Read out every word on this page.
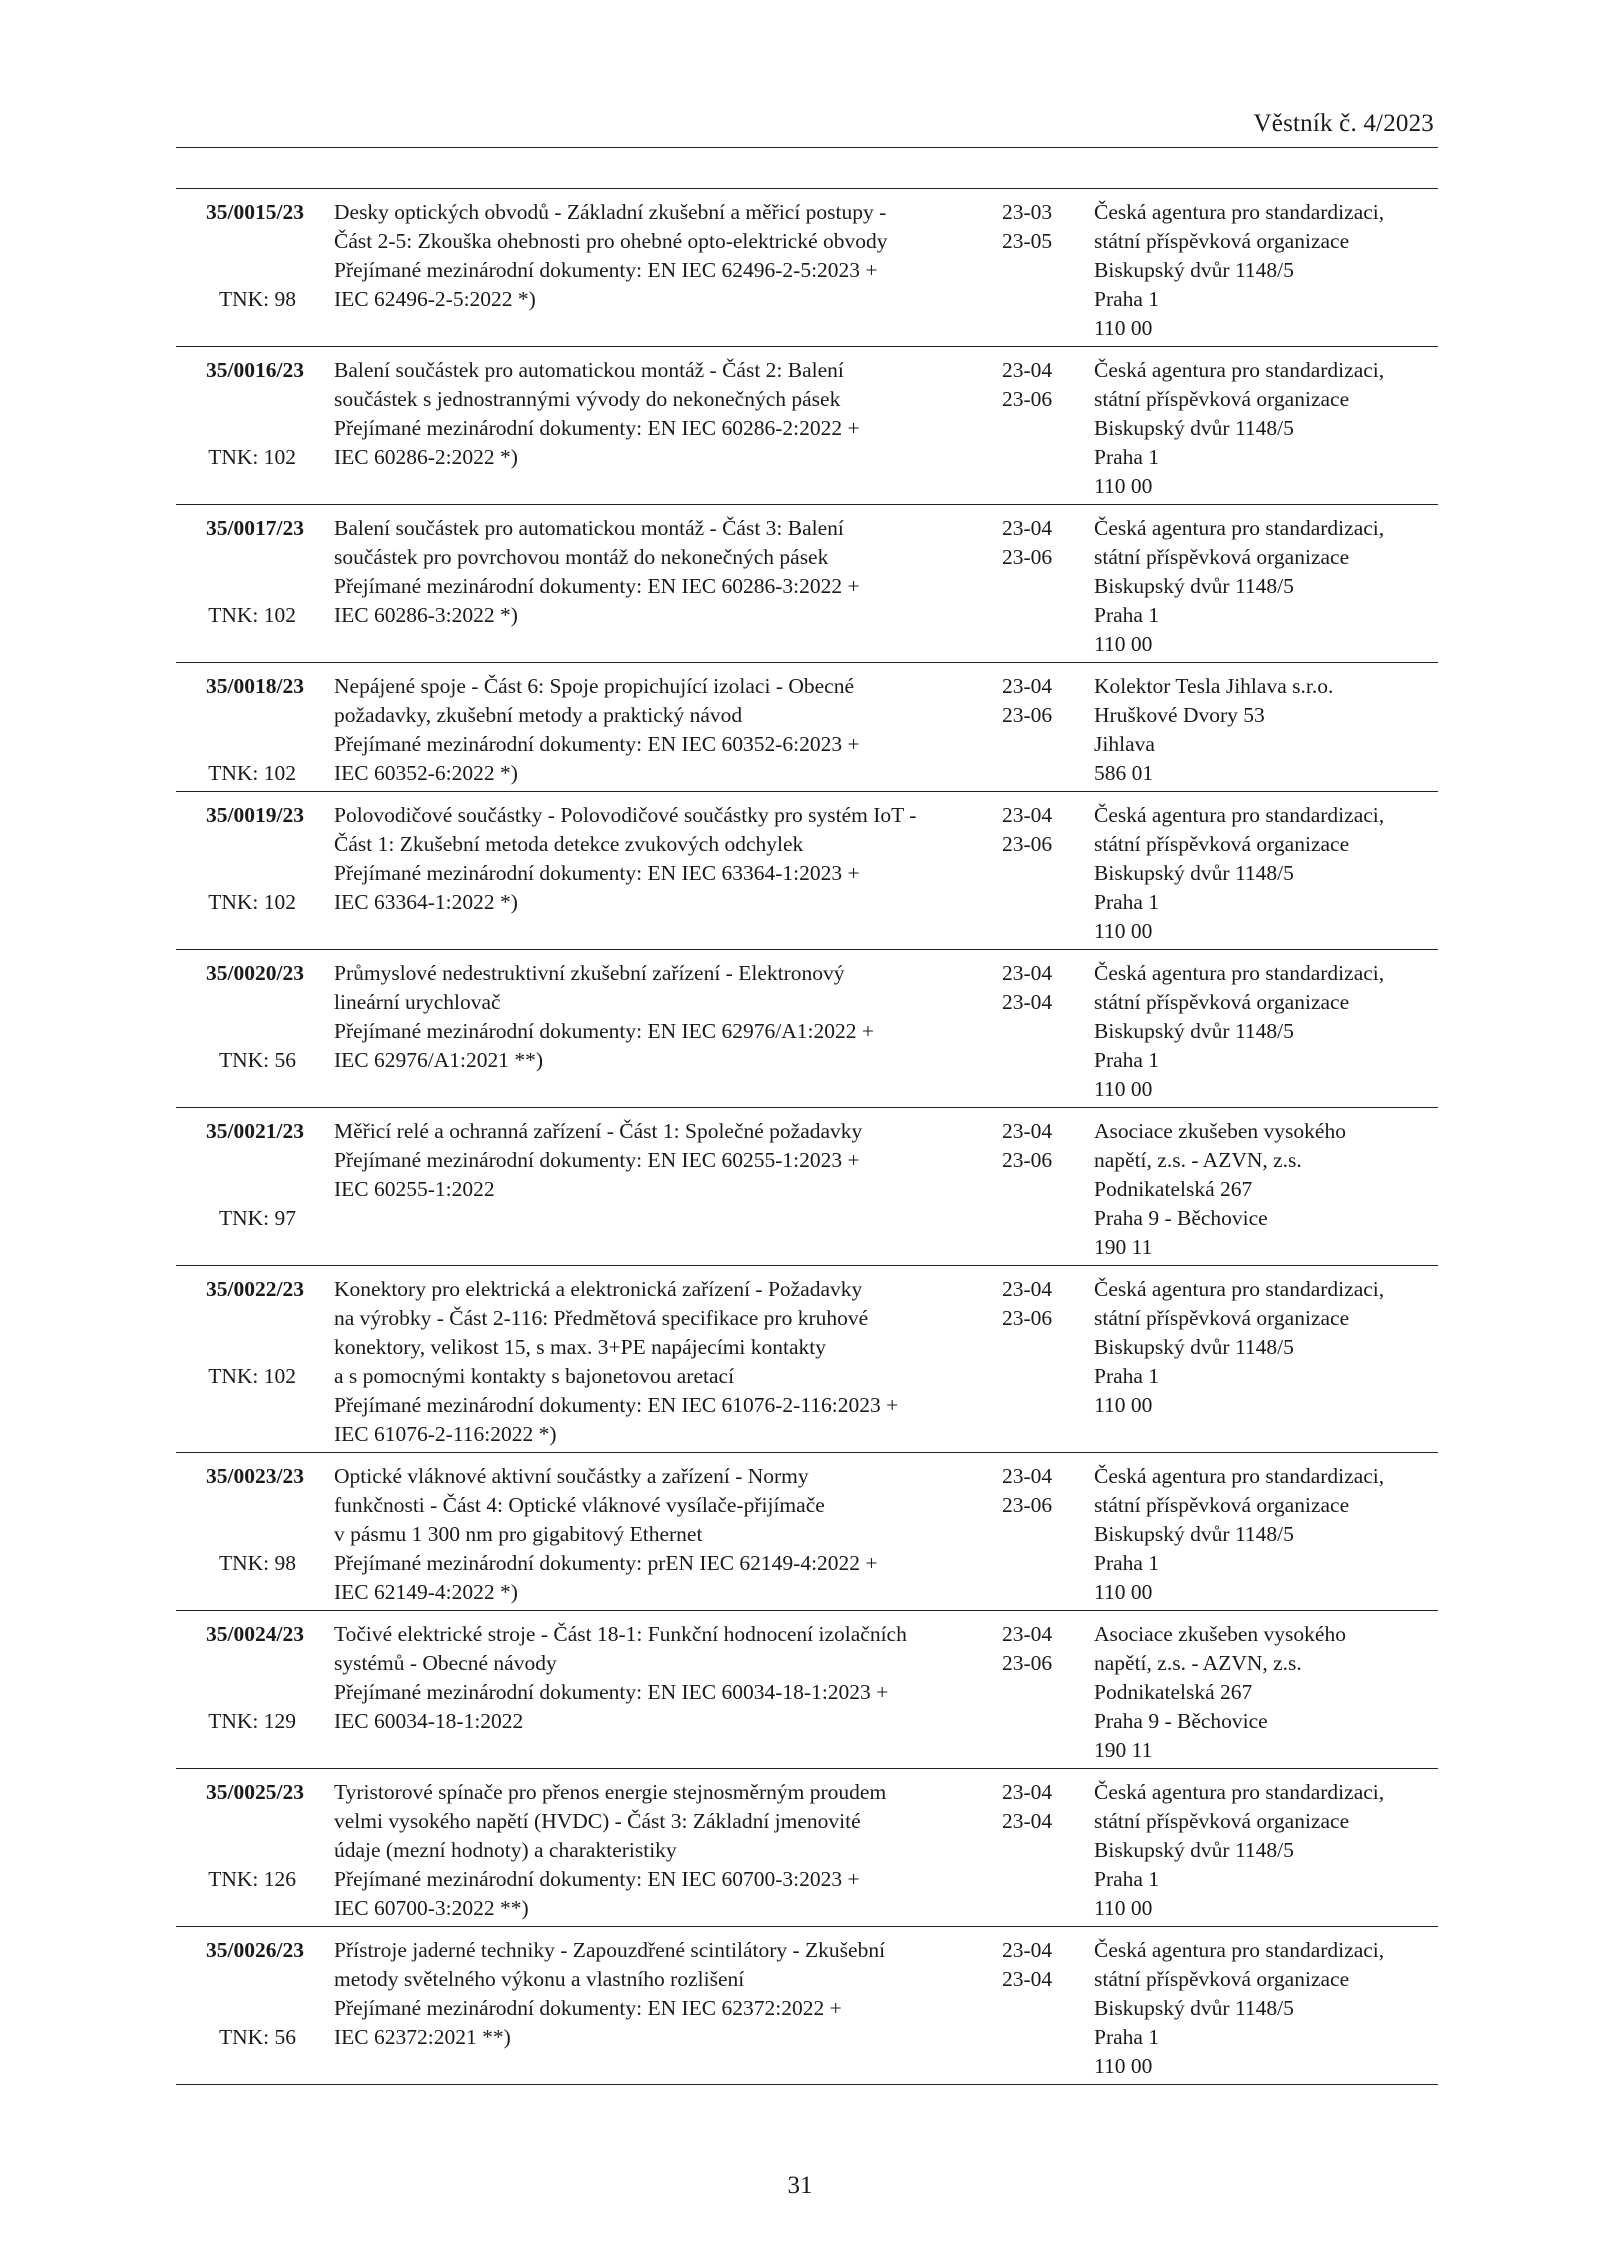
Věstník č. 4/2023
35/0015/23
TNK: 98
Desky optických obvodů - Základní zkušební a měřicí postupy -
Část 2-5: Zkouška ohebnosti pro ohebné opto-elektrické obvody
Přejímané mezinárodní dokumenty: EN IEC 62496-2-5:2023 +
IEC 62496-2-5:2022 *)
23-03
23-05
Česká agentura pro standardizaci,
státní příspěvková organizace
Biskupský dvůr 1148/5
Praha 1
110 00
35/0016/23
TNK: 102
Balení součástek pro automatickou montáž - Část 2: Balení
součástek s jednostrannými vývody do nekonečných pásek
Přejímané mezinárodní dokumenty: EN IEC 60286-2:2022 +
IEC 60286-2:2022 *)
23-04
23-06
Česká agentura pro standardizaci,
státní příspěvková organizace
Biskupský dvůr 1148/5
Praha 1
110 00
35/0017/23
TNK: 102
Balení součástek pro automatickou montáž - Část 3: Balení
součástek pro povrchovou montáž do nekonečných pásek
Přejímané mezinárodní dokumenty: EN IEC 60286-3:2022 +
IEC 60286-3:2022 *)
23-04
23-06
Česká agentura pro standardizaci,
státní příspěvková organizace
Biskupský dvůr 1148/5
Praha 1
110 00
35/0018/23
TNK: 102
Nepájené spoje - Část 6: Spoje propichující izolaci - Obecné
požadavky, zkušební metody a praktický návod
Přejímané mezinárodní dokumenty: EN IEC 60352-6:2023 +
IEC 60352-6:2022 *)
23-04
23-06
Kolektor Tesla Jihlava s.r.o.
Hruškové Dvory 53
Jihlava
586 01
35/0019/23
TNK: 102
Polovodičové součástky - Polovodičové součástky pro systém IoT -
Část 1: Zkušební metoda detekce zvukových odchylek
Přejímané mezinárodní dokumenty: EN IEC 63364-1:2023 +
IEC 63364-1:2022 *)
23-04
23-06
Česká agentura pro standardizaci,
státní příspěvková organizace
Biskupský dvůr 1148/5
Praha 1
110 00
35/0020/23
TNK: 56
Průmyslové nedestruktivní zkušební zařízení - Elektronový
lineární urychlovač
Přejímané mezinárodní dokumenty: EN IEC 62976/A1:2022 +
IEC 62976/A1:2021 **)
23-04
23-04
Česká agentura pro standardizaci,
státní příspěvková organizace
Biskupský dvůr 1148/5
Praha 1
110 00
35/0021/23
TNK: 97
Měřicí relé a ochranná zařízení - Část 1: Společné požadavky
Přejímané mezinárodní dokumenty: EN IEC 60255-1:2023 +
IEC 60255-1:2022
23-04
23-06
Asociace zkušeben vysokého
napětí, z.s. - AZVN, z.s.
Podnikatelská 267
Praha 9 - Běchovice
190 11
35/0022/23
TNK: 102
Konektory pro elektrická a elektronická zařízení - Požadavky
na výrobky - Část 2-116: Předmětová specifikace pro kruhové
konektory, velikost 15, s max. 3+PE napájecími kontakty
a s pomocnými kontakty s bajonetovou aretací
Přejímané mezinárodní dokumenty: EN IEC 61076-2-116:2023 +
IEC 61076-2-116:2022 *)
23-04
23-06
Česká agentura pro standardizaci,
státní příspěvková organizace
Biskupský dvůr 1148/5
Praha 1
110 00
35/0023/23
TNK: 98
Optické vláknové aktivní součástky a zařízení - Normy
funkčnosti - Část 4: Optické vláknové vysílače-přijímače
v pásmu 1 300 nm pro gigabitový Ethernet
Přejímané mezinárodní dokumenty: prEN IEC 62149-4:2022 +
IEC 62149-4:2022 *)
23-04
23-06
Česká agentura pro standardizaci,
státní příspěvková organizace
Biskupský dvůr 1148/5
Praha 1
110 00
35/0024/23
TNK: 129
Točivé elektrické stroje - Část 18-1: Funkční hodnocení izolačních
systémů - Obecné návody
Přejímané mezinárodní dokumenty: EN IEC 60034-18-1:2023 +
IEC 60034-18-1:2022
23-04
23-06
Asociace zkušeben vysokého
napětí, z.s. - AZVN, z.s.
Podnikatelská 267
Praha 9 - Běchovice
190 11
35/0025/23
TNK: 126
Tyristorové spínače pro přenos energie stejnosměrným proudem
velmi vysokého napětí (HVDC) - Část 3: Základní jmenovité
údaje (mezní hodnoty) a charakteristiky
Přejímané mezinárodní dokumenty: EN IEC 60700-3:2023 +
IEC 60700-3:2022 **)
23-04
23-04
Česká agentura pro standardizaci,
státní příspěvková organizace
Biskupský dvůr 1148/5
Praha 1
110 00
35/0026/23
TNK: 56
Přístroje jaderné techniky - Zapouzdřené scintilátory - Zkušební
metody světelného výkonu a vlastního rozlišení
Přejímané mezinárodní dokumenty: EN IEC 62372:2022 +
IEC 62372:2021 **)
23-04
23-04
Česká agentura pro standardizaci,
státní příspěvková organizace
Biskupský dvůr 1148/5
Praha 1
110 00
31
